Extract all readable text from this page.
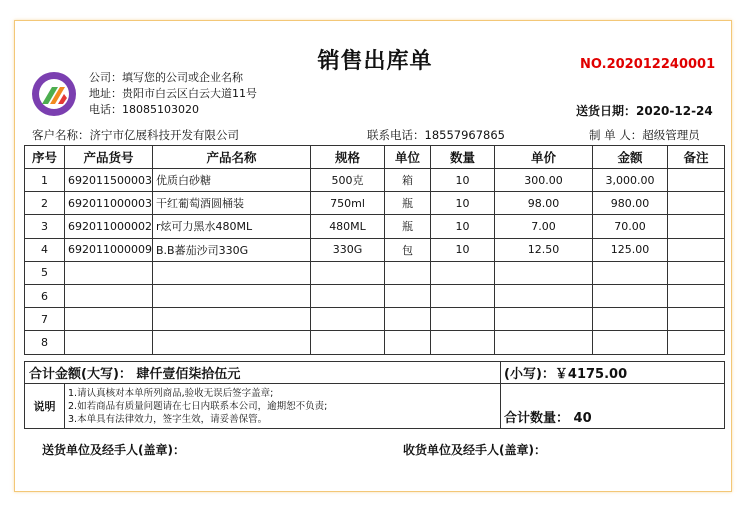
销售出库单	NO.202012240001
公司：填写您的公司或企业名称
地址：贵阳市白云区白云大道11号
电话：18085103020	送货日期：2020-12-24
客户名称：济宁市亿展科技开发有限公司	联系电话：18557967865	制 单 人：超级管理员
序号	产品货号	产品名称	规格	单位	数量	单价	金额	备注
1	692011500003	优质白砂糖	500克	箱	10	300.00	3,000.00	
2	692011000003	干红葡萄酒圆桶装	750ml	瓶	10	98.00	980.00	
3	692011000002	r炫可力黑水480ML	480ML	瓶	10	7.00	70.00	
4	692011000009	B.B蕃茄沙司330G	330G	包	10	12.50	125.00	
5								
6								
7								
8								
合计金额(大写)： 肆仟壹佰柒拾伍元		(小写)：￥4175.00
说明	1.请认真核对本单所列商品,验收无误后签字盖章;
2.如若商品有质量问题请在七日内联系本公司，逾期恕不负责;
3.本单具有法律效力，签字生效，请妥善保管。	合计数量： 40
送货单位及经手人(盖章)：	收货单位及经手人(盖章)：
